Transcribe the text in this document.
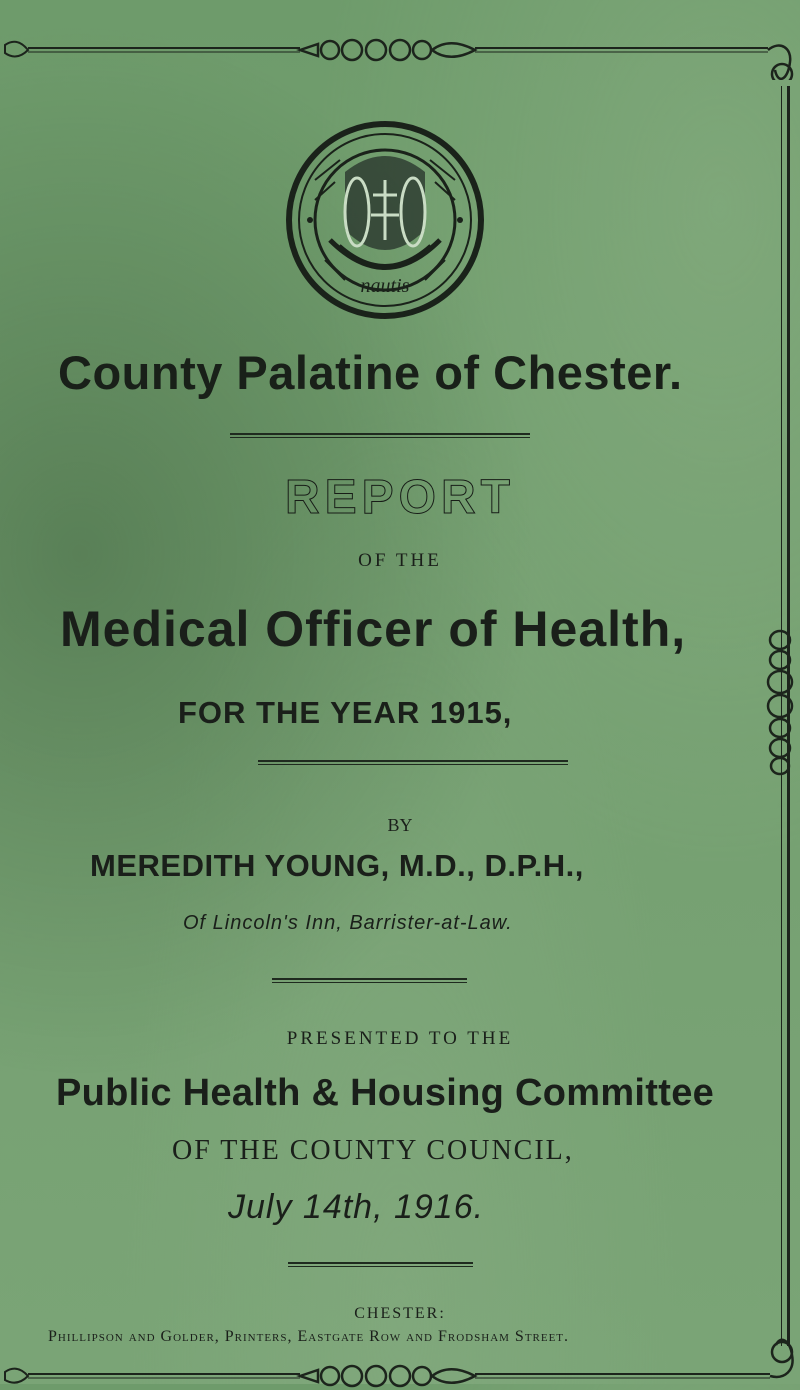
nautis
County Palatine of Chester.
REPORT
OF THE
Medical Officer of Health,
FOR THE YEAR 1915,
BY
MEREDITH YOUNG, M.D., D.P.H.,
Of Lincoln's Inn, Barrister-at-Law.
PRESENTED TO THE
Public Health & Housing Committee
OF THE COUNTY COUNCIL,
July 14th, 1916.
CHESTER:
Phillipson and Golder, Printers, Eastgate Row and Frodsham Street.
